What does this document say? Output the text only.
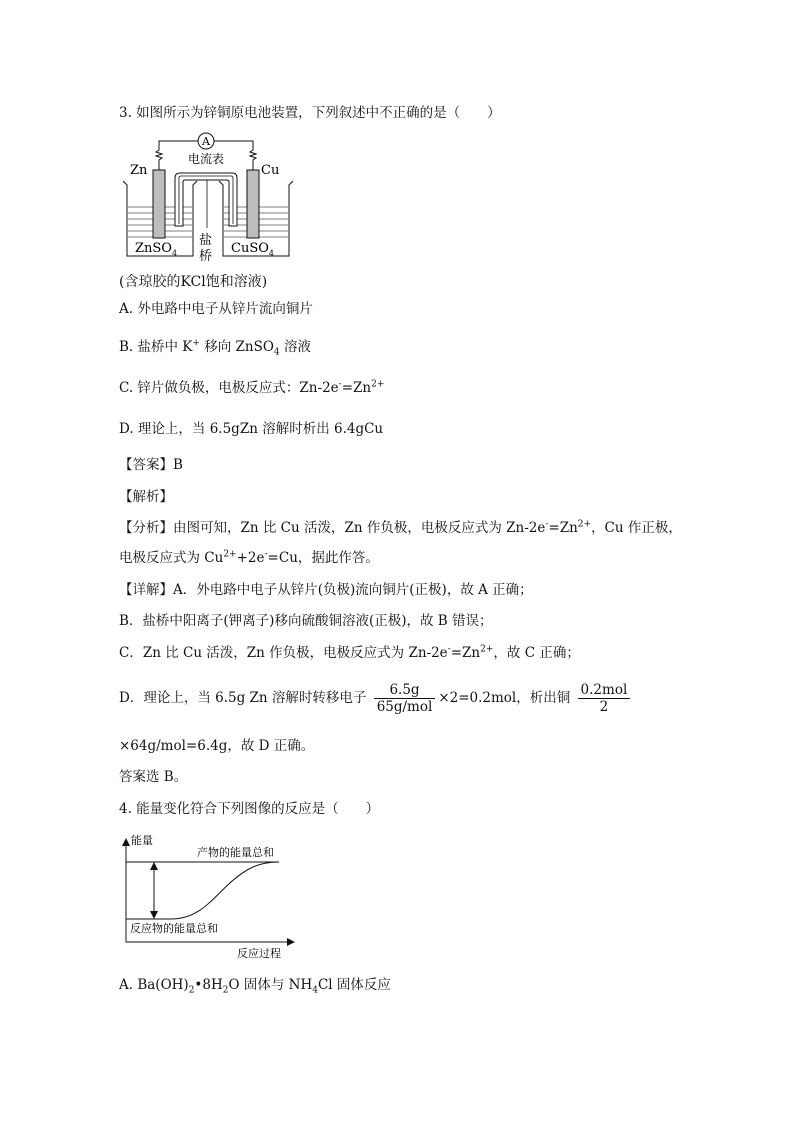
3. 如图所示为锌铜原电池装置，下列叙述中不正确的是（　　）
A
电流表
Zn	Cu
盐
桥
ZnSO$_4$	CuSO$_4$
(含琼胶的KCl饱和溶液)
A. 外电路中电子从锌片流向铜片
B. 盐桥中 K+ 移向 ZnSO$_4$ 溶液
C. 锌片做负极，电极反应式：$Zn-2e^-=Zn^{2+}$
D. 理论上，当 6.5gZn 溶解时析出 6.4gCu
【答案】B
【解析】
【分析】由图可知，Zn 比 Cu 活泼，Zn 作负极，电极反应式为 $Zn-2e^-=Zn^{2+}$，Cu 作正极，
电极反应式为 $Cu^{2+}+2e^-=Cu$，据此作答。
【详解】A．外电路中电子从锌片(负极)流向铜片(正极)，故 A 正确；
B．盐桥中阳离子(钾离子)移向硫酸铜溶液(正极)，故 B 错误；
C．Zn 比 Cu 活泼，Zn 作负极，电极反应式为 $Zn-2e^-=Zn^{2+}$，故 C 正确；
D．理论上，当 6.5g Zn 溶解时转移电子 $\frac{6.5g}{\text{65g/mol}} \times 2=0.2mol$，析出铜 $\frac{\text{0.2mol}}{2}$
×64g/mol=6.4g，故 D 正确。
答案选 B。
4. 能量变化符合下列图像的反应是（　　）
能量
反应过程
产物的能量总和
反应物的能量总和
A. $Ba(OH)_2•8H_2O$ 固体与 $NH_4Cl$ 固体反应
